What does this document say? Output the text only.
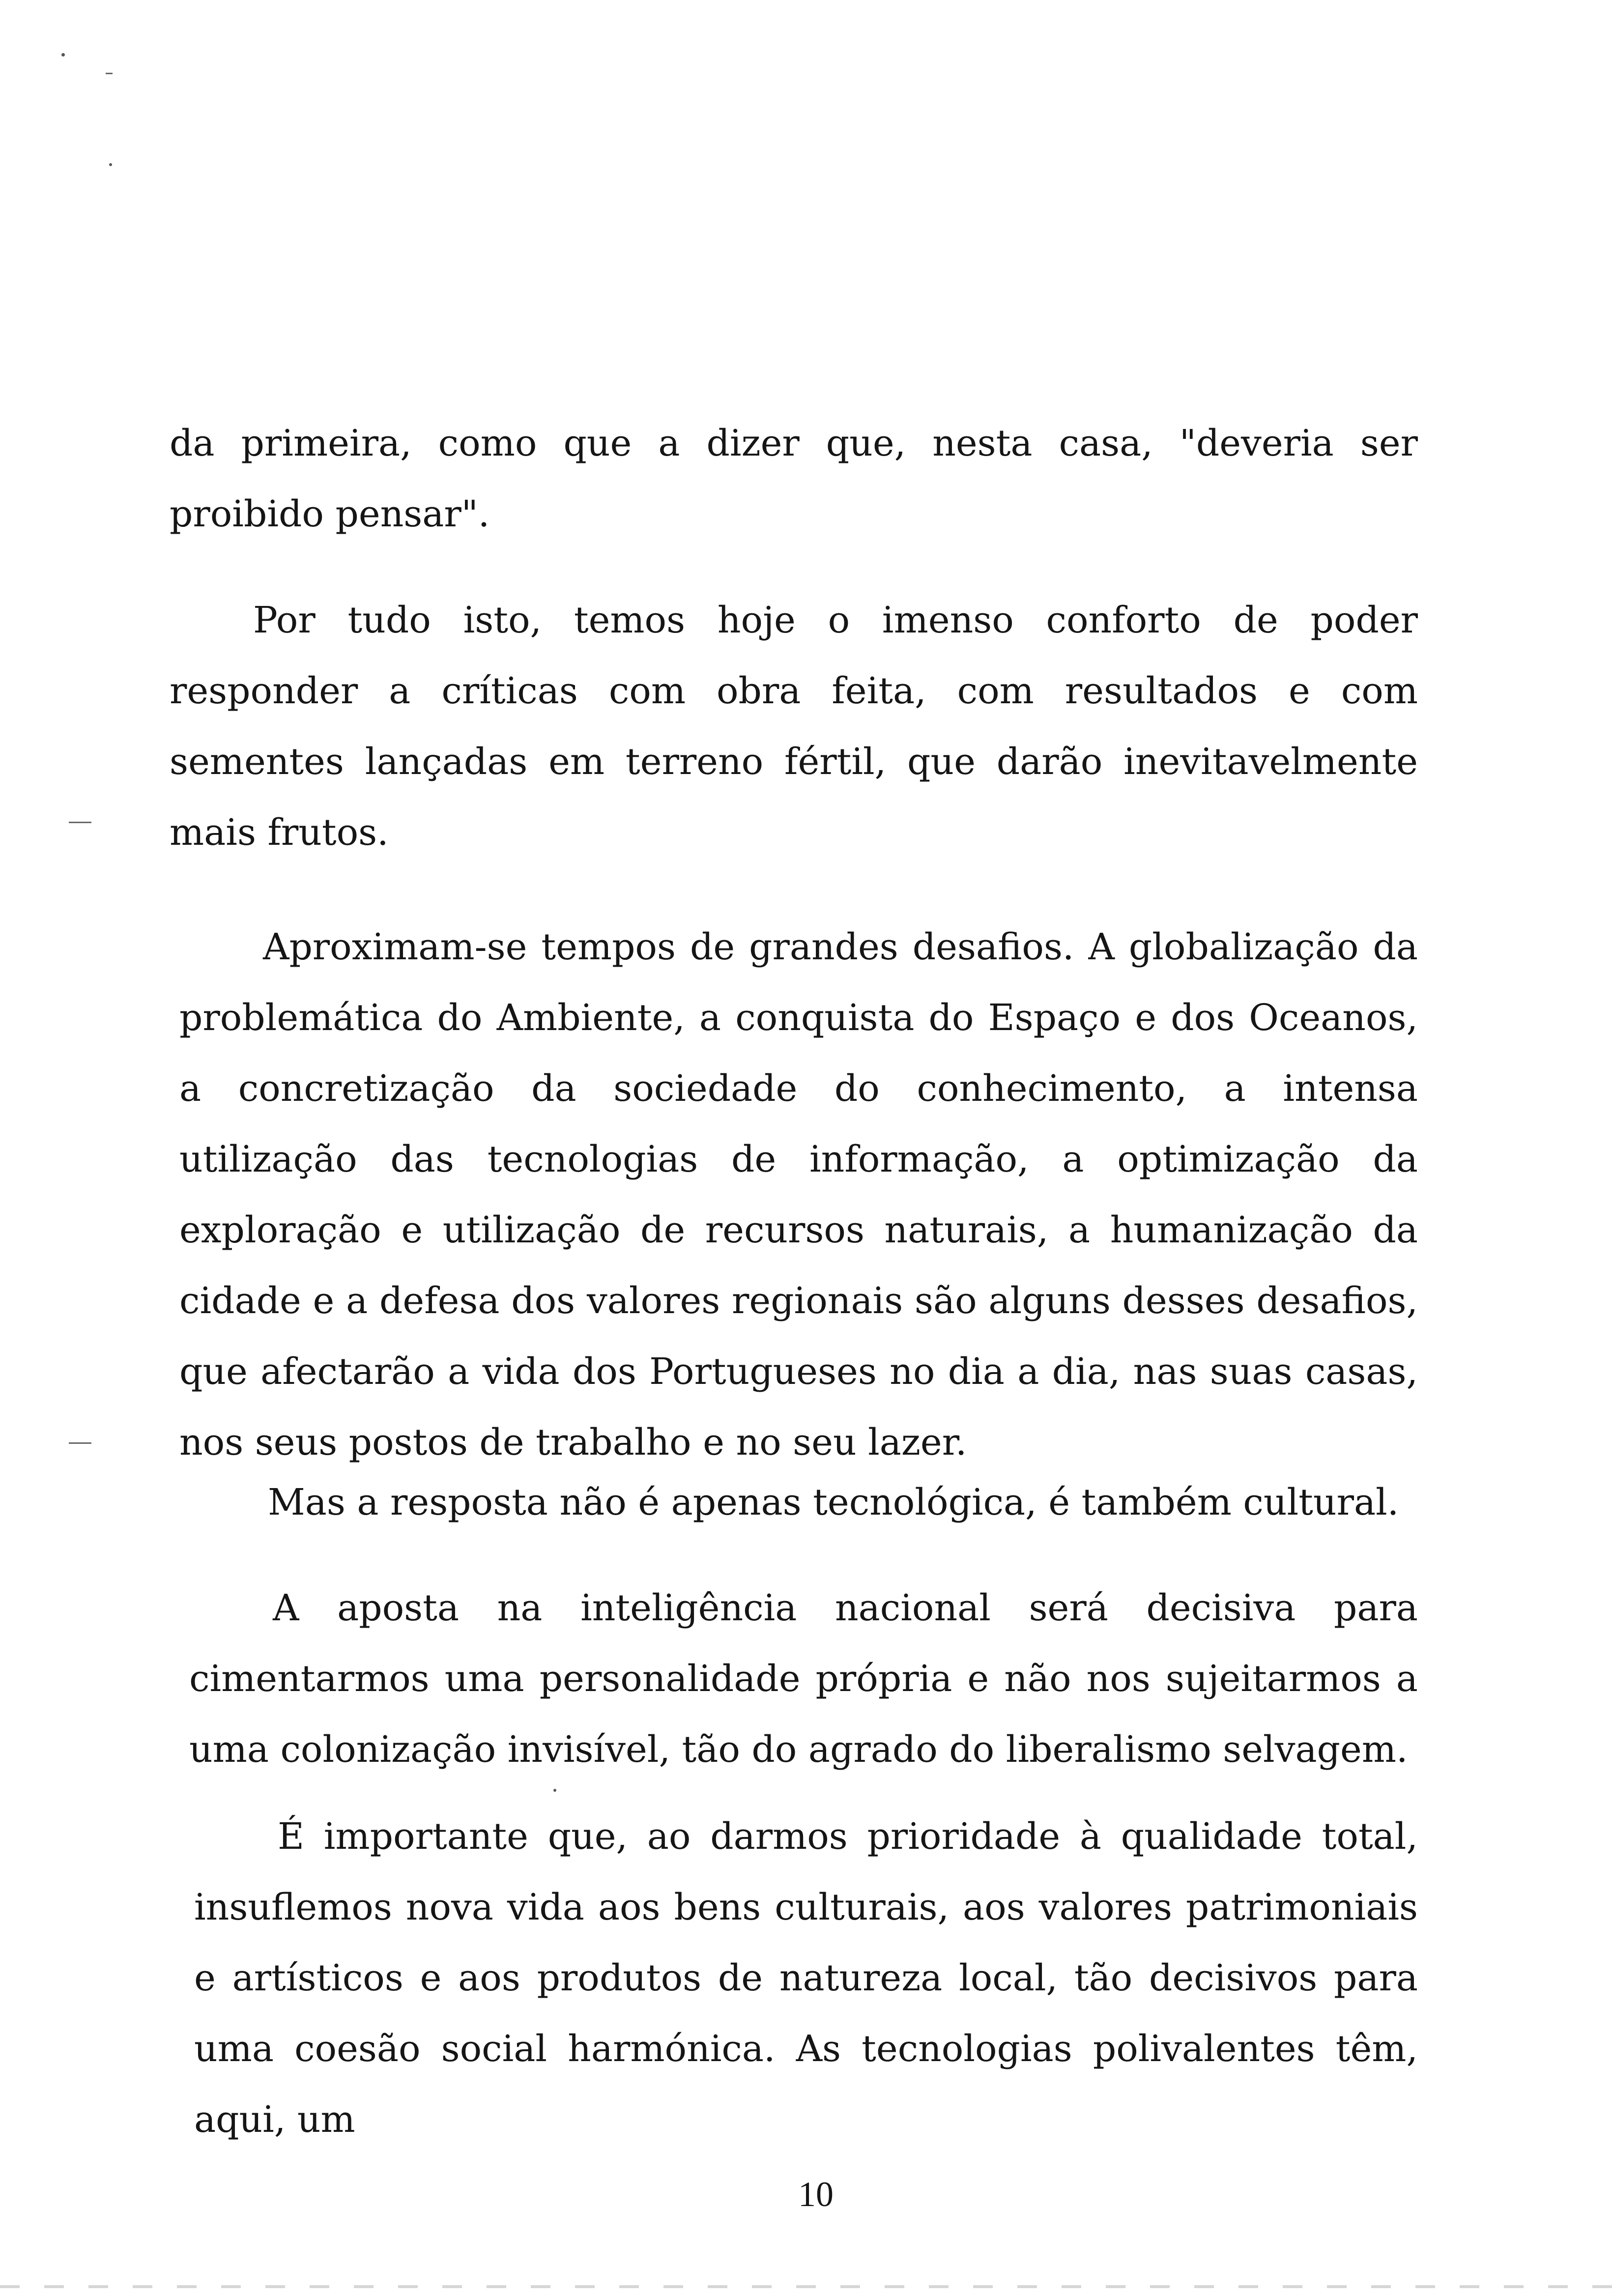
da primeira, como que a dizer que, nesta casa, "deveria ser proibido pensar".

Por tudo isto, temos hoje o imenso conforto de poder responder a críticas com obra feita, com resultados e com sementes lançadas em terreno fértil, que darão inevitavelmente mais frutos.

Aproximam-se tempos de grandes desafios. A globalização da problemática do Ambiente, a conquista do Espaço e dos Oceanos, a concretização da sociedade do conhecimento, a intensa utilização das tecnologias de informação, a optimização da exploração e utilização de recursos naturais, a humanização da cidade e a defesa dos valores regionais são alguns desses desafios, que afectarão a vida dos Portugueses no dia a dia, nas suas casas, nos seus postos de trabalho e no seu lazer.

Mas a resposta não é apenas tecnológica, é também cultural.

A aposta na inteligência nacional será decisiva para cimentarmos uma personalidade própria e não nos sujeitarmos a uma colonização invisível, tão do agrado do liberalismo selvagem.

É importante que, ao darmos prioridade à qualidade total, insuflemos nova vida aos bens culturais, aos valores patrimoniais e artísticos e aos produtos de natureza local, tão decisivos para uma coesão social harmónica. As tecnologias polivalentes têm, aqui, um

10
